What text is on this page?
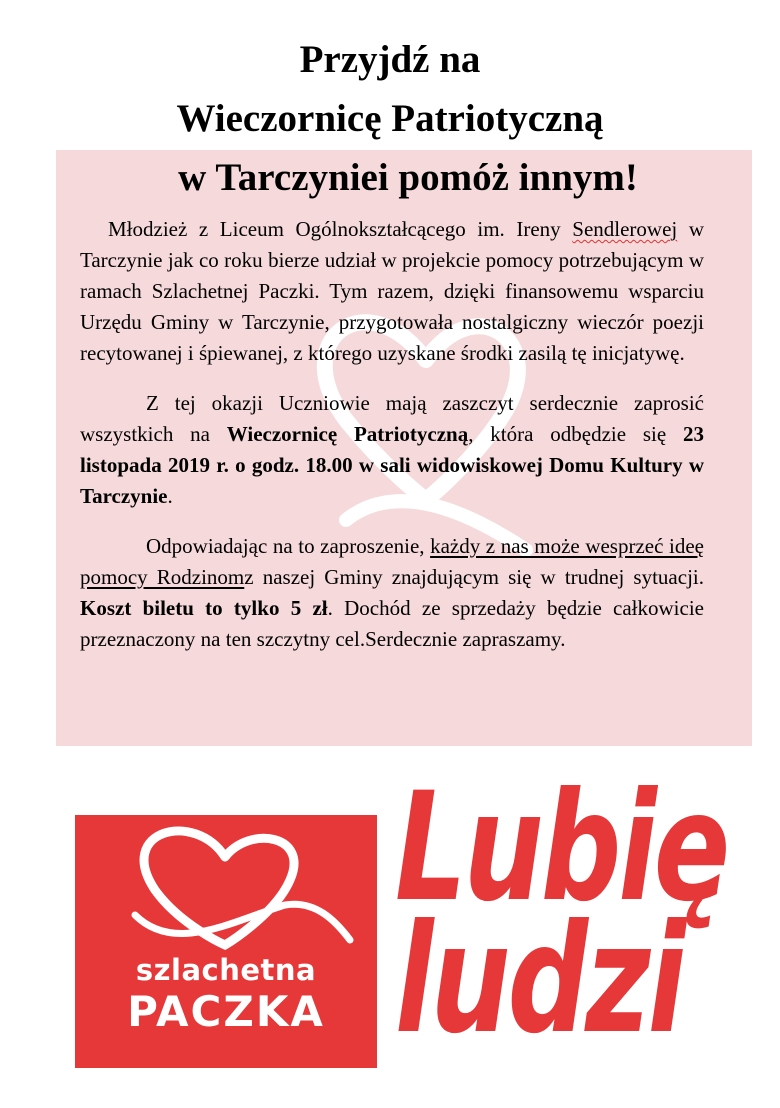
Przyjdź na
Wieczornicę Patriotyczną
w Tarczyniei pomóż innym!

Młodzież z Liceum Ogólnokształcącego im. Ireny Sendlerowej w Tarczynie jak co roku bierze udział w projekcie pomocy potrzebującym w ramach Szlachetnej Paczki. Tym razem, dzięki finansowemu wsparciu Urzędu Gminy w Tarczynie, przygotowała nostalgiczny wieczór poezji recytowanej i śpiewanej, z którego uzyskane środki zasilą tę inicjatywę.

Z tej okazji Uczniowie mają zaszczyt serdecznie zaprosić wszystkich na Wieczornicę Patriotyczną, która odbędzie się 23 listopada 2019 r. o godz. 18.00 w sali widowiskowej Domu Kultury w Tarczynie.

Odpowiadając na to zaproszenie, każdy z nas może wesprzeć ideę pomocy Rodzinomz naszej Gminy znajdującym się w trudnej sytuacji. Koszt biletu to tylko 5 zł. Dochód ze sprzedaży będzie całkowicie przeznaczony na ten szczytny cel.Serdecznie zapraszamy.

szlachetna
PACZKA
Lubię
ludzi
